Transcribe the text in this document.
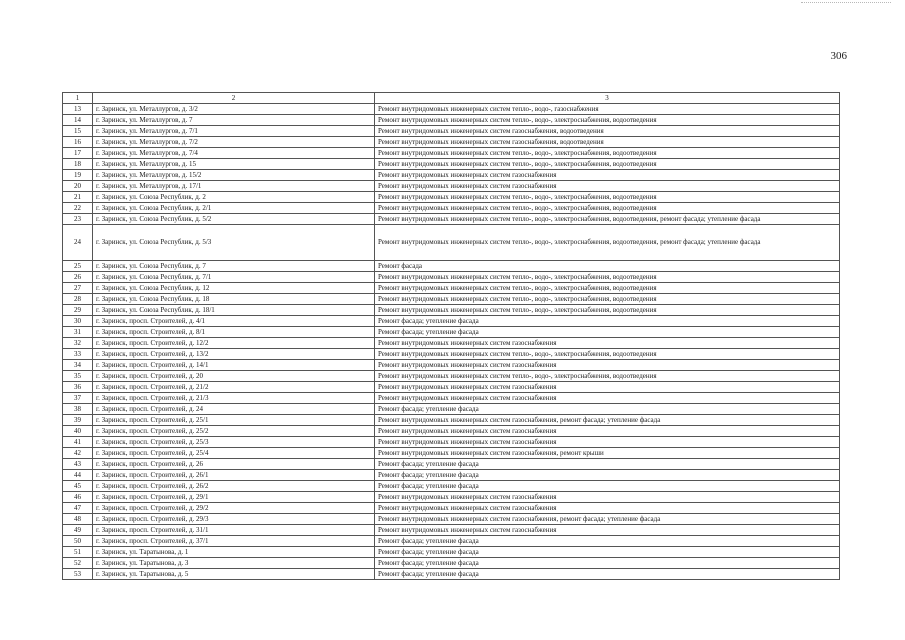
306
1	2	3
13	г. Заринск, ул. Металлургов, д. 3/2	Ремонт внутридомовых инженерных систем тепло-, водо-, газоснабжения
14	г. Заринск, ул. Металлургов, д. 7	Ремонт внутридомовых инженерных систем тепло-, водо-, электроснабжения, водоотведения
15	г. Заринск, ул. Металлургов, д. 7/1	Ремонт внутридомовых инженерных систем газоснабжения, водоотведения
16	г. Заринск, ул. Металлургов, д. 7/2	Ремонт внутридомовых инженерных систем газоснабжения, водоотведения
17	г. Заринск, ул. Металлургов, д. 7/4	Ремонт внутридомовых инженерных систем тепло-, водо-, электроснабжения, водоотведения
18	г. Заринск, ул. Металлургов, д. 15	Ремонт внутридомовых инженерных систем тепло-, водо-, электроснабжения, водоотведения
19	г. Заринск, ул. Металлургов, д. 15/2	Ремонт внутридомовых инженерных систем газоснабжения
20	г. Заринск, ул. Металлургов, д. 17/1	Ремонт внутридомовых инженерных систем газоснабжения
21	г. Заринск, ул. Союза Республик, д. 2	Ремонт внутридомовых инженерных систем тепло-, водо-, электроснабжения, водоотведения
22	г. Заринск, ул. Союза Республик, д. 2/1	Ремонт внутридомовых инженерных систем тепло-, водо-, электроснабжения, водоотведения
23	г. Заринск, ул. Союза Республик, д. 5/2	Ремонт внутридомовых инженерных систем тепло-, водо-, электроснабжения, водоотведения, ремонт фасада; утепление фасада
24	г. Заринск, ул. Союза Республик, д. 5/3	Ремонт внутридомовых инженерных систем тепло-, водо-, электроснабжения, водоотведения, ремонт фасада; утепление фасада
25	г. Заринск, ул. Союза Республик, д. 7	Ремонт фасада
26	г. Заринск, ул. Союза Республик, д. 7/1	Ремонт внутридомовых инженерных систем тепло-, водо-, электроснабжения, водоотведения
27	г. Заринск, ул. Союза Республик, д. 12	Ремонт внутридомовых инженерных систем тепло-, водо-, электроснабжения, водоотведения
28	г. Заринск, ул. Союза Республик, д. 18	Ремонт внутридомовых инженерных систем тепло-, водо-, электроснабжения, водоотведения
29	г. Заринск, ул. Союза Республик, д. 18/1	Ремонт внутридомовых инженерных систем тепло-, водо-, электроснабжения, водоотведения
30	г. Заринск, просп. Строителей, д. 4/1	Ремонт фасада; утепление фасада
31	г. Заринск, просп. Строителей, д. 8/1	Ремонт фасада; утепление фасада
32	г. Заринск, просп. Строителей, д. 12/2	Ремонт внутридомовых инженерных систем газоснабжения
33	г. Заринск, просп. Строителей, д. 13/2	Ремонт внутридомовых инженерных систем тепло-, водо-, электроснабжения, водоотведения
34	г. Заринск, просп. Строителей, д. 14/1	Ремонт внутридомовых инженерных систем газоснабжения
35	г. Заринск, просп. Строителей, д. 20	Ремонт внутридомовых инженерных систем тепло-, водо-, электроснабжения, водоотведения
36	г. Заринск, просп. Строителей, д. 21/2	Ремонт внутридомовых инженерных систем газоснабжения
37	г. Заринск, просп. Строителей, д. 21/3	Ремонт внутридомовых инженерных систем газоснабжения
38	г. Заринск, просп. Строителей, д. 24	Ремонт фасада; утепление фасада
39	г. Заринск, просп. Строителей, д. 25/1	Ремонт внутридомовых инженерных систем газоснабжения, ремонт фасада; утепление фасада
40	г. Заринск, просп. Строителей, д. 25/2	Ремонт внутридомовых инженерных систем газоснабжения
41	г. Заринск, просп. Строителей, д. 25/3	Ремонт внутридомовых инженерных систем газоснабжения
42	г. Заринск, просп. Строителей, д. 25/4	Ремонт внутридомовых инженерных систем газоснабжения, ремонт крыши
43	г. Заринск, просп. Строителей, д. 26	Ремонт фасада; утепление фасада
44	г. Заринск, просп. Строителей, д. 26/1	Ремонт фасада; утепление фасада
45	г. Заринск, просп. Строителей, д. 26/2	Ремонт фасада; утепление фасада
46	г. Заринск, просп. Строителей, д. 29/1	Ремонт внутридомовых инженерных систем газоснабжения
47	г. Заринск, просп. Строителей, д. 29/2	Ремонт внутридомовых инженерных систем газоснабжения
48	г. Заринск, просп. Строителей, д. 29/3	Ремонт внутридомовых инженерных систем газоснабжения, ремонт фасада; утепление фасада
49	г. Заринск, просп. Строителей, д. 31/1	Ремонт внутридомовых инженерных систем газоснабжения
50	г. Заринск, просп. Строителей, д. 37/1	Ремонт фасада; утепление фасада
51	г. Заринск, ул. Таратынова, д. 1	Ремонт фасада; утепление фасада
52	г. Заринск, ул. Таратынова, д. 3	Ремонт фасада; утепление фасада
53	г. Заринск, ул. Таратынова, д. 5	Ремонт фасада; утепление фасада
